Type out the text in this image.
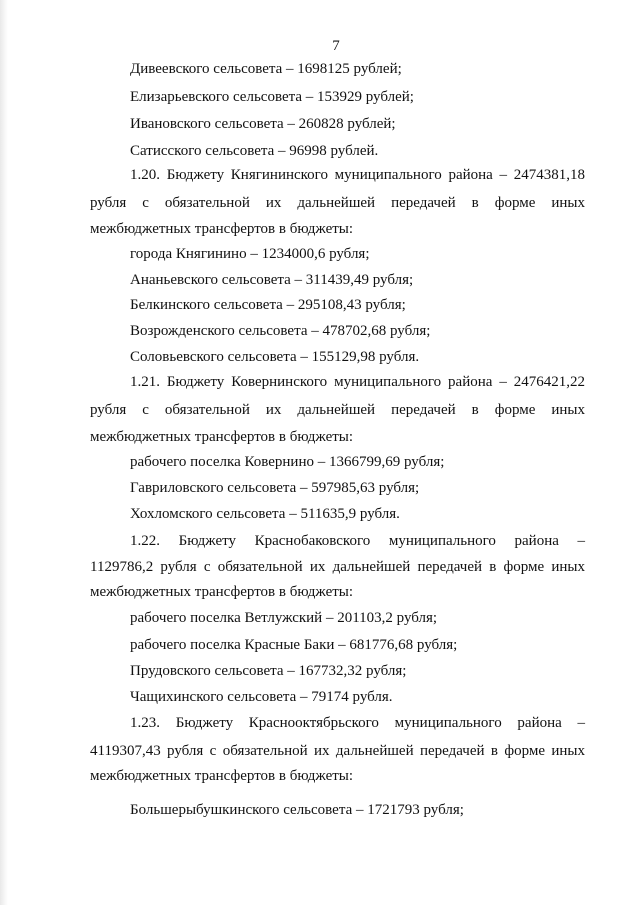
7
Дивеевского сельсовета – 1698125 рублей;
Елизарьевского сельсовета – 153929 рублей;
Ивановского сельсовета – 260828 рублей;
Сатисского сельсовета – 96998 рублей.
1.20. Бюджету Княгининского муниципального района – 2474381,18
рубля с обязательной их дальнейшей передачей в форме иных
межбюджетных трансфертов в бюджеты:
города Княгинино – 1234000,6 рубля;
Ананьевского сельсовета – 311439,49 рубля;
Белкинского сельсовета – 295108,43 рубля;
Возрожденского сельсовета – 478702,68 рубля;
Соловьевского сельсовета – 155129,98 рубля.
1.21. Бюджету Ковернинского муниципального района – 2476421,22
рубля с обязательной их дальнейшей передачей в форме иных
межбюджетных трансфертов в бюджеты:
рабочего поселка Ковернино – 1366799,69 рубля;
Гавриловского сельсовета – 597985,63 рубля;
Хохломского сельсовета – 511635,9 рубля.
1.22. Бюджету Краснобаковского муниципального района –
1129786,2 рубля с обязательной их дальнейшей передачей в форме иных
межбюджетных трансфертов в бюджеты:
рабочего поселка Ветлужский – 201103,2 рубля;
рабочего поселка Красные Баки – 681776,68 рубля;
Прудовского сельсовета – 167732,32 рубля;
Чащихинского сельсовета – 79174 рубля.
1.23. Бюджету Краснооктябрьского муниципального района –
4119307,43 рубля с обязательной их дальнейшей передачей в форме иных
межбюджетных трансфертов в бюджеты:
Большерыбушкинского сельсовета – 1721793 рубля;
